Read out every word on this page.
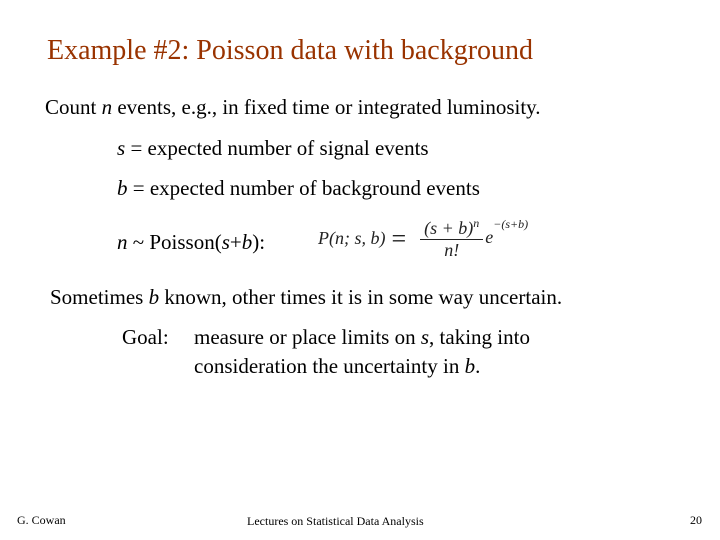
Example #2: Poisson data with background
Count n events, e.g., in fixed time or integrated luminosity.
s = expected number of signal events
b = expected number of background events
n ~ Poisson(s+b):	P(n; s, $b) = \frac{(s + b)^n}{n!} e^{-(s+b)}$
Sometimes b known, other times it is in some way uncertain.
Goal: measure or place limits on s, taking into
consideration the uncertainty in b.
G. Cowan	Lectures on Statistical Data Analysis	20
